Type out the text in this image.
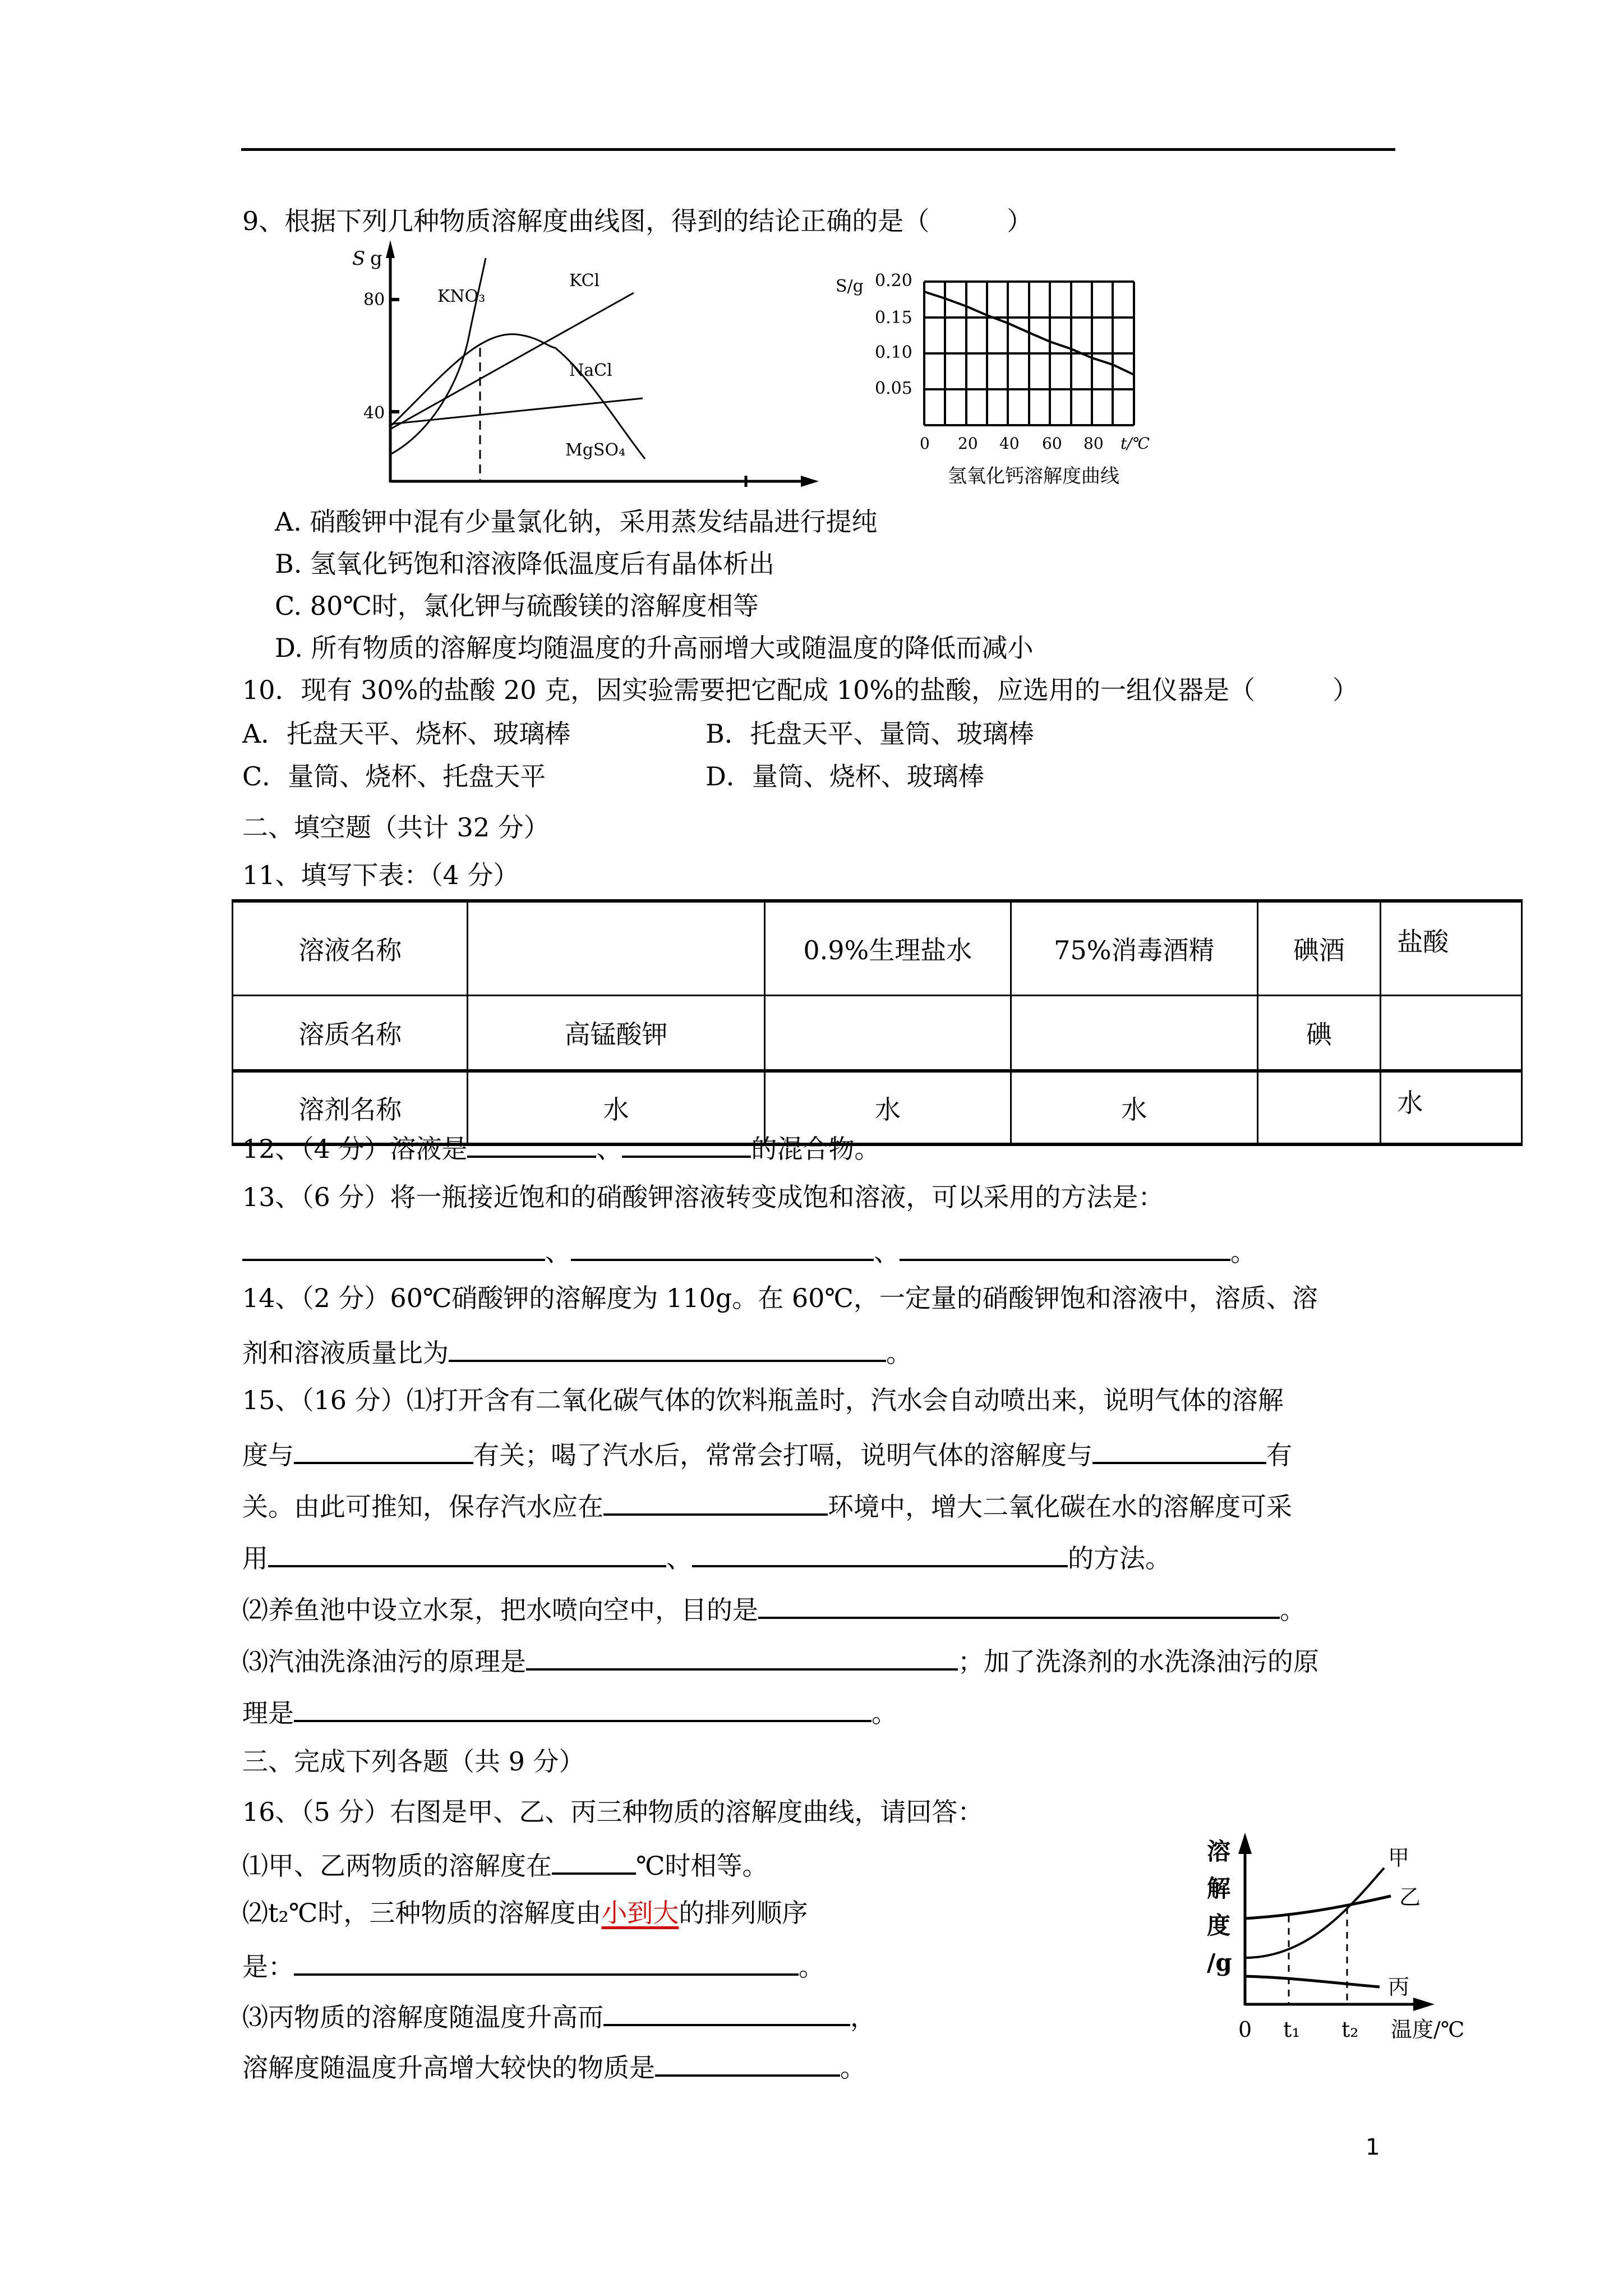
9、根据下列几种物质溶解度曲线图，得到的结论正确的是（　　　）
S g
80
40
KNO₃
KCl
NaCl
MgSO₄
S/g 0.20
0.15
0.10
0.05
0 20 40 60 80 t/℃
氢氧化钙溶解度曲线
A. 硝酸钾中混有少量氯化钠，采用蒸发结晶进行提纯
B. 氢氧化钙饱和溶液降低温度后有晶体析出
C. 80℃时，氯化钾与硫酸镁的溶解度相等
D. 所有物质的溶解度均随温度的升高丽增大或随温度的降低而减小
10．现有 30%的盐酸 20 克，因实验需要把它配成 10%的盐酸，应选用的一组仪器是（　　　）
A．托盘天平、烧杯、玻璃棒	B．托盘天平、量筒、玻璃棒
C．量筒、烧杯、托盘天平	D．量筒、烧杯、玻璃棒
二、填空题（共计 32 分）
11、填写下表：（4 分）
溶液名称		0.9%生理盐水	75%消毒酒精	碘酒	盐酸
溶质名称	高锰酸钾			碘	
溶剂名称	水	水	水		水
12、（4 分）溶液是	、	的混合物。
13、（6 分）将一瓶接近饱和的硝酸钾溶液转变成饱和溶液，可以采用的方法是：
、	、	。
14、（2 分）60℃硝酸钾的溶解度为 110g。在 60℃，一定量的硝酸钾饱和溶液中，溶质、溶
剂和溶液质量比为	。
15、（16 分）⑴打开含有二氧化碳气体的饮料瓶盖时，汽水会自动喷出来，说明气体的溶解
度与	有关；喝了汽水后，常常会打嗝，说明气体的溶解度与	有
关。由此可推知，保存汽水应在	环境中，增大二氧化碳在水的溶解度可采
用	、	的方法。
⑵养鱼池中设立水泵，把水喷向空中，目的是	。
⑶汽油洗涤油污的原理是	；加了洗涤剂的水洗涤油污的原
理是	。
三、完成下列各题（共 9 分）
16、（5 分）右图是甲、乙、丙三种物质的溶解度曲线，请回答：
⑴甲、乙两物质的溶解度在	℃时相等。
⑵t₂℃时，三种物质的溶解度由小到大的排列顺序
是：	。
⑶丙物质的溶解度随温度升高而	，
溶解度随温度升高增大较快的物质是	。
溶
解
度
/g
甲
乙
丙
0 t₁ t₂ 温度/℃
1
